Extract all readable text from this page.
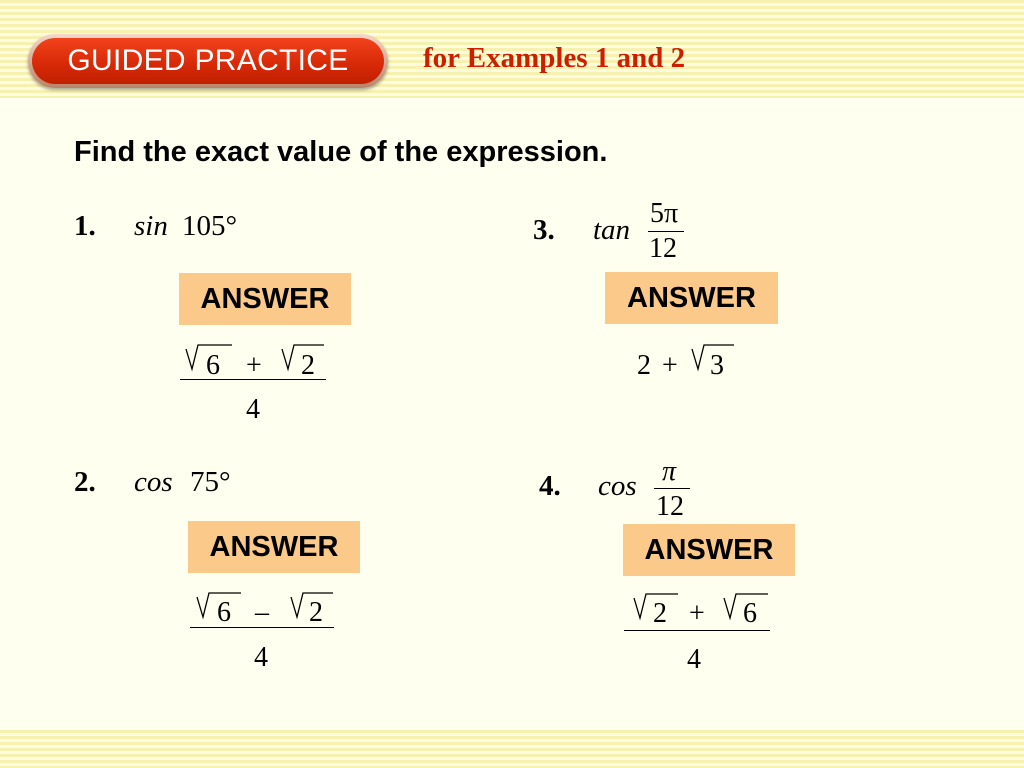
GUIDED PRACTICE	for Examples 1 and 2
Find the exact value of the expression.
1. sin 105°
ANSWER
6 + 2
4
2. cos 75°
ANSWER
6 – 2
4
3. tan
5π
12
ANSWER
2 + 3
4. cos π
12
ANSWER
2 + 6
4
